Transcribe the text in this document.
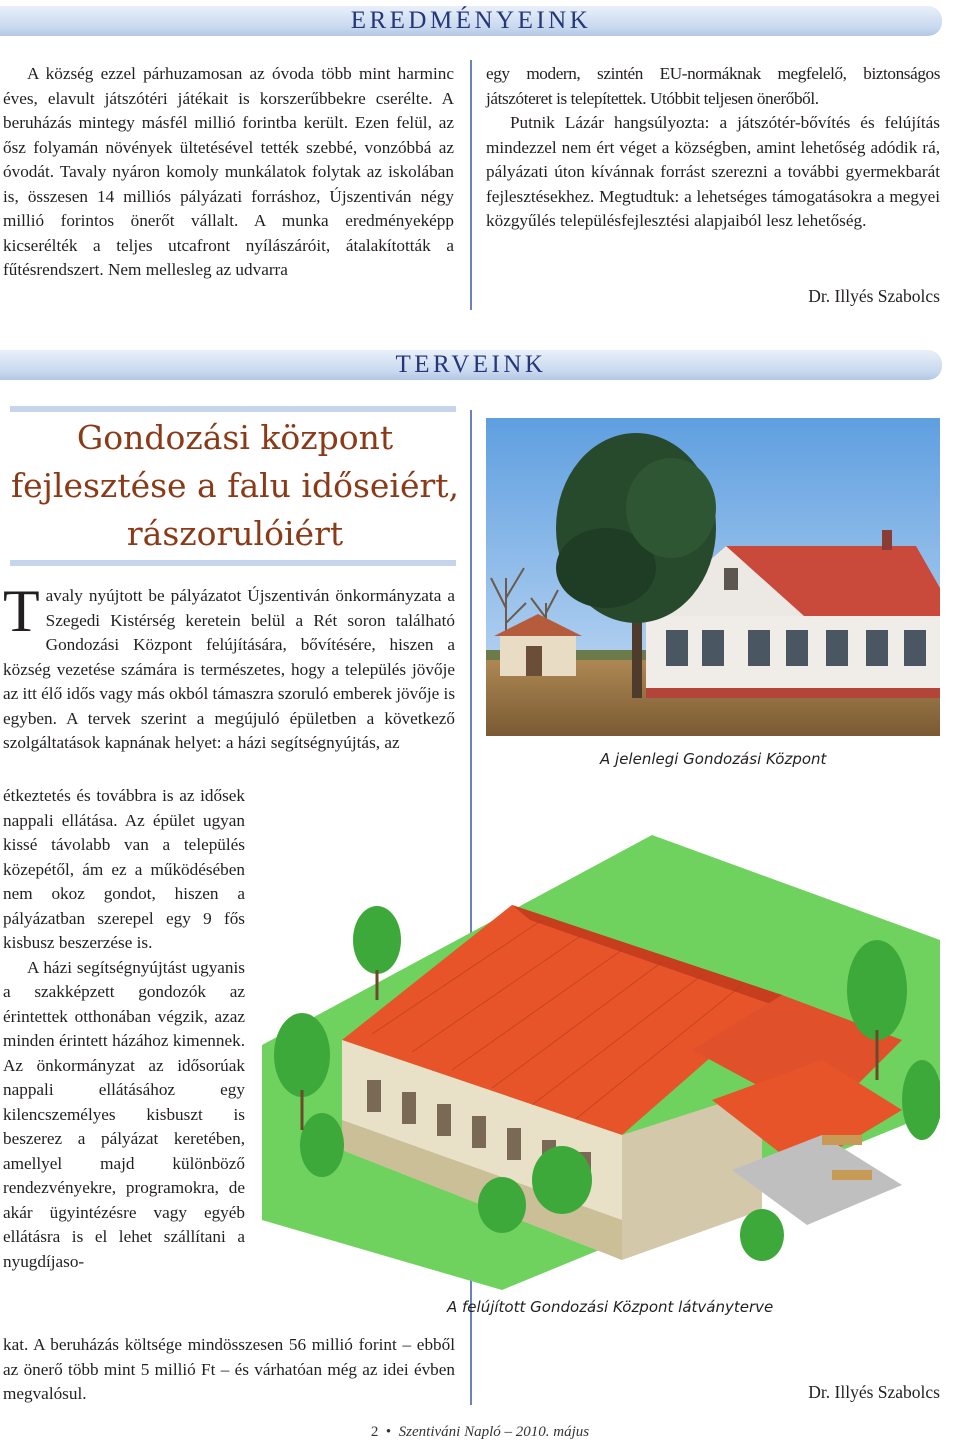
EREDMÉNYEINK

A község ezzel párhuzamosan az óvoda több mint harminc éves, elavult játszótéri játékait is korszerűbbekre cserélte. A beruházás mintegy másfél millió forintba került. Ezen felül, az ősz folyamán növények ültetésével tették szebbé, vonzóbbá az óvodát. Tavaly nyáron komoly munkálatok folytak az iskolában is, összesen 14 milliós pályázati forráshoz, Újszentiván négy millió forintos önerőt vállalt. A munka eredményeképp kicserélték a teljes utcafront nyílászáróit, átalakították a fűtésrendszert. Nem mellesleg az udvarra

egy modern, szintén EU-normáknak megfelelő, biztonságos játszóteret is telepítettek. Utóbbit teljesen önerőből.

Putnik Lázár hangsúlyozta: a játszótér-bővítés és felújítás mindezzel nem ért véget a községben, amint lehetőség adódik rá, pályázati úton kívánnak forrást szerezni a további gyermekbarát fejlesztésekhez. Megtudtuk: a lehetséges támogatásokra a megyei közgyűlés településfejlesztési alapjaiból lesz lehetőség.

Dr. Illyés Szabolcs
TERVEINK
Gondozási központ fejlesztése a falu időseiért, rászorulóiért

T avaly nyújtott be pályázatot Újszentiván önkormányzata a Szegedi Kistérség keretein belül a Rét soron található Gondozási Központ felújítására, bővítésére, hiszen a község vezetése számára is természetes, hogy a település jövője az itt élő idős vagy más okból támaszra szoruló emberek jövője is egyben. A tervek szerint a megújuló épületben a következő szolgáltatások kapnának helyet: a házi segítségnyújtás, az

étkeztetés és továbbra is az idősek nappali ellátása. Az épület ugyan kissé távolabb van a település közepétől, ám ez a működésében nem okoz gondot, hiszen a pályázatban szerepel egy 9 fős kisbusz beszerzése is.

A házi segítségnyújtást ugyanis a szakképzett gondozók az érintettek otthonában végzik, azaz minden érintett házához kimennek. Az önkormányzat az idősorúak nappali ellátásához egy kilencszemélyes kisbuszt is beszerez a pályázat keretében, amellyel majd különböző rendezvényekre, programokra, de akár ügyintézésre vagy egyéb ellátásra is el lehet szállítani a nyugdíjaso-

kat. A beruházás költsége mindösszesen 56 millió forint – ebből az önerő több mint 5 millió Ft – és várhatóan még az idei évben megvalósul.

A jelenlegi Gondozási Központ
A felújított Gondozási Központ látványterve
Dr. Illyés Szabolcs
2 • Szentiváni Napló – 2010. május
